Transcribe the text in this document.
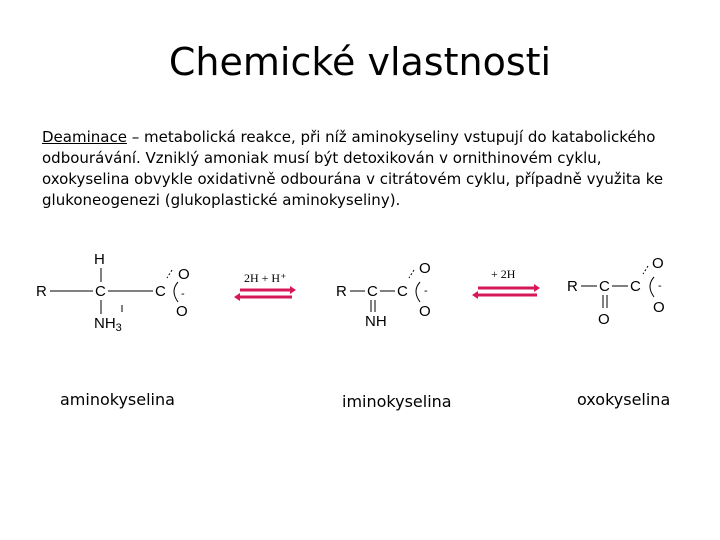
Chemické vlastnosti
Deaminace – metabolická reakce, při níž aminokyseliny vstupují do katabolického odbourávání. Vzniklý amoniak musí být detoxikován v ornithinovém cyklu, oxokyselina obvykle oxidativně odbourána v citrátovém cyklu, případně využita ke glukoneogenezi (glukoplastické aminokyseliny).
H
R	C	C
$NH_3$
O
O
-
2H + H⁺
R C C
NH
O
O
-
+ 2H
R C C
O
O
O
-
aminokyselina	iminokyselina	oxokyselina
